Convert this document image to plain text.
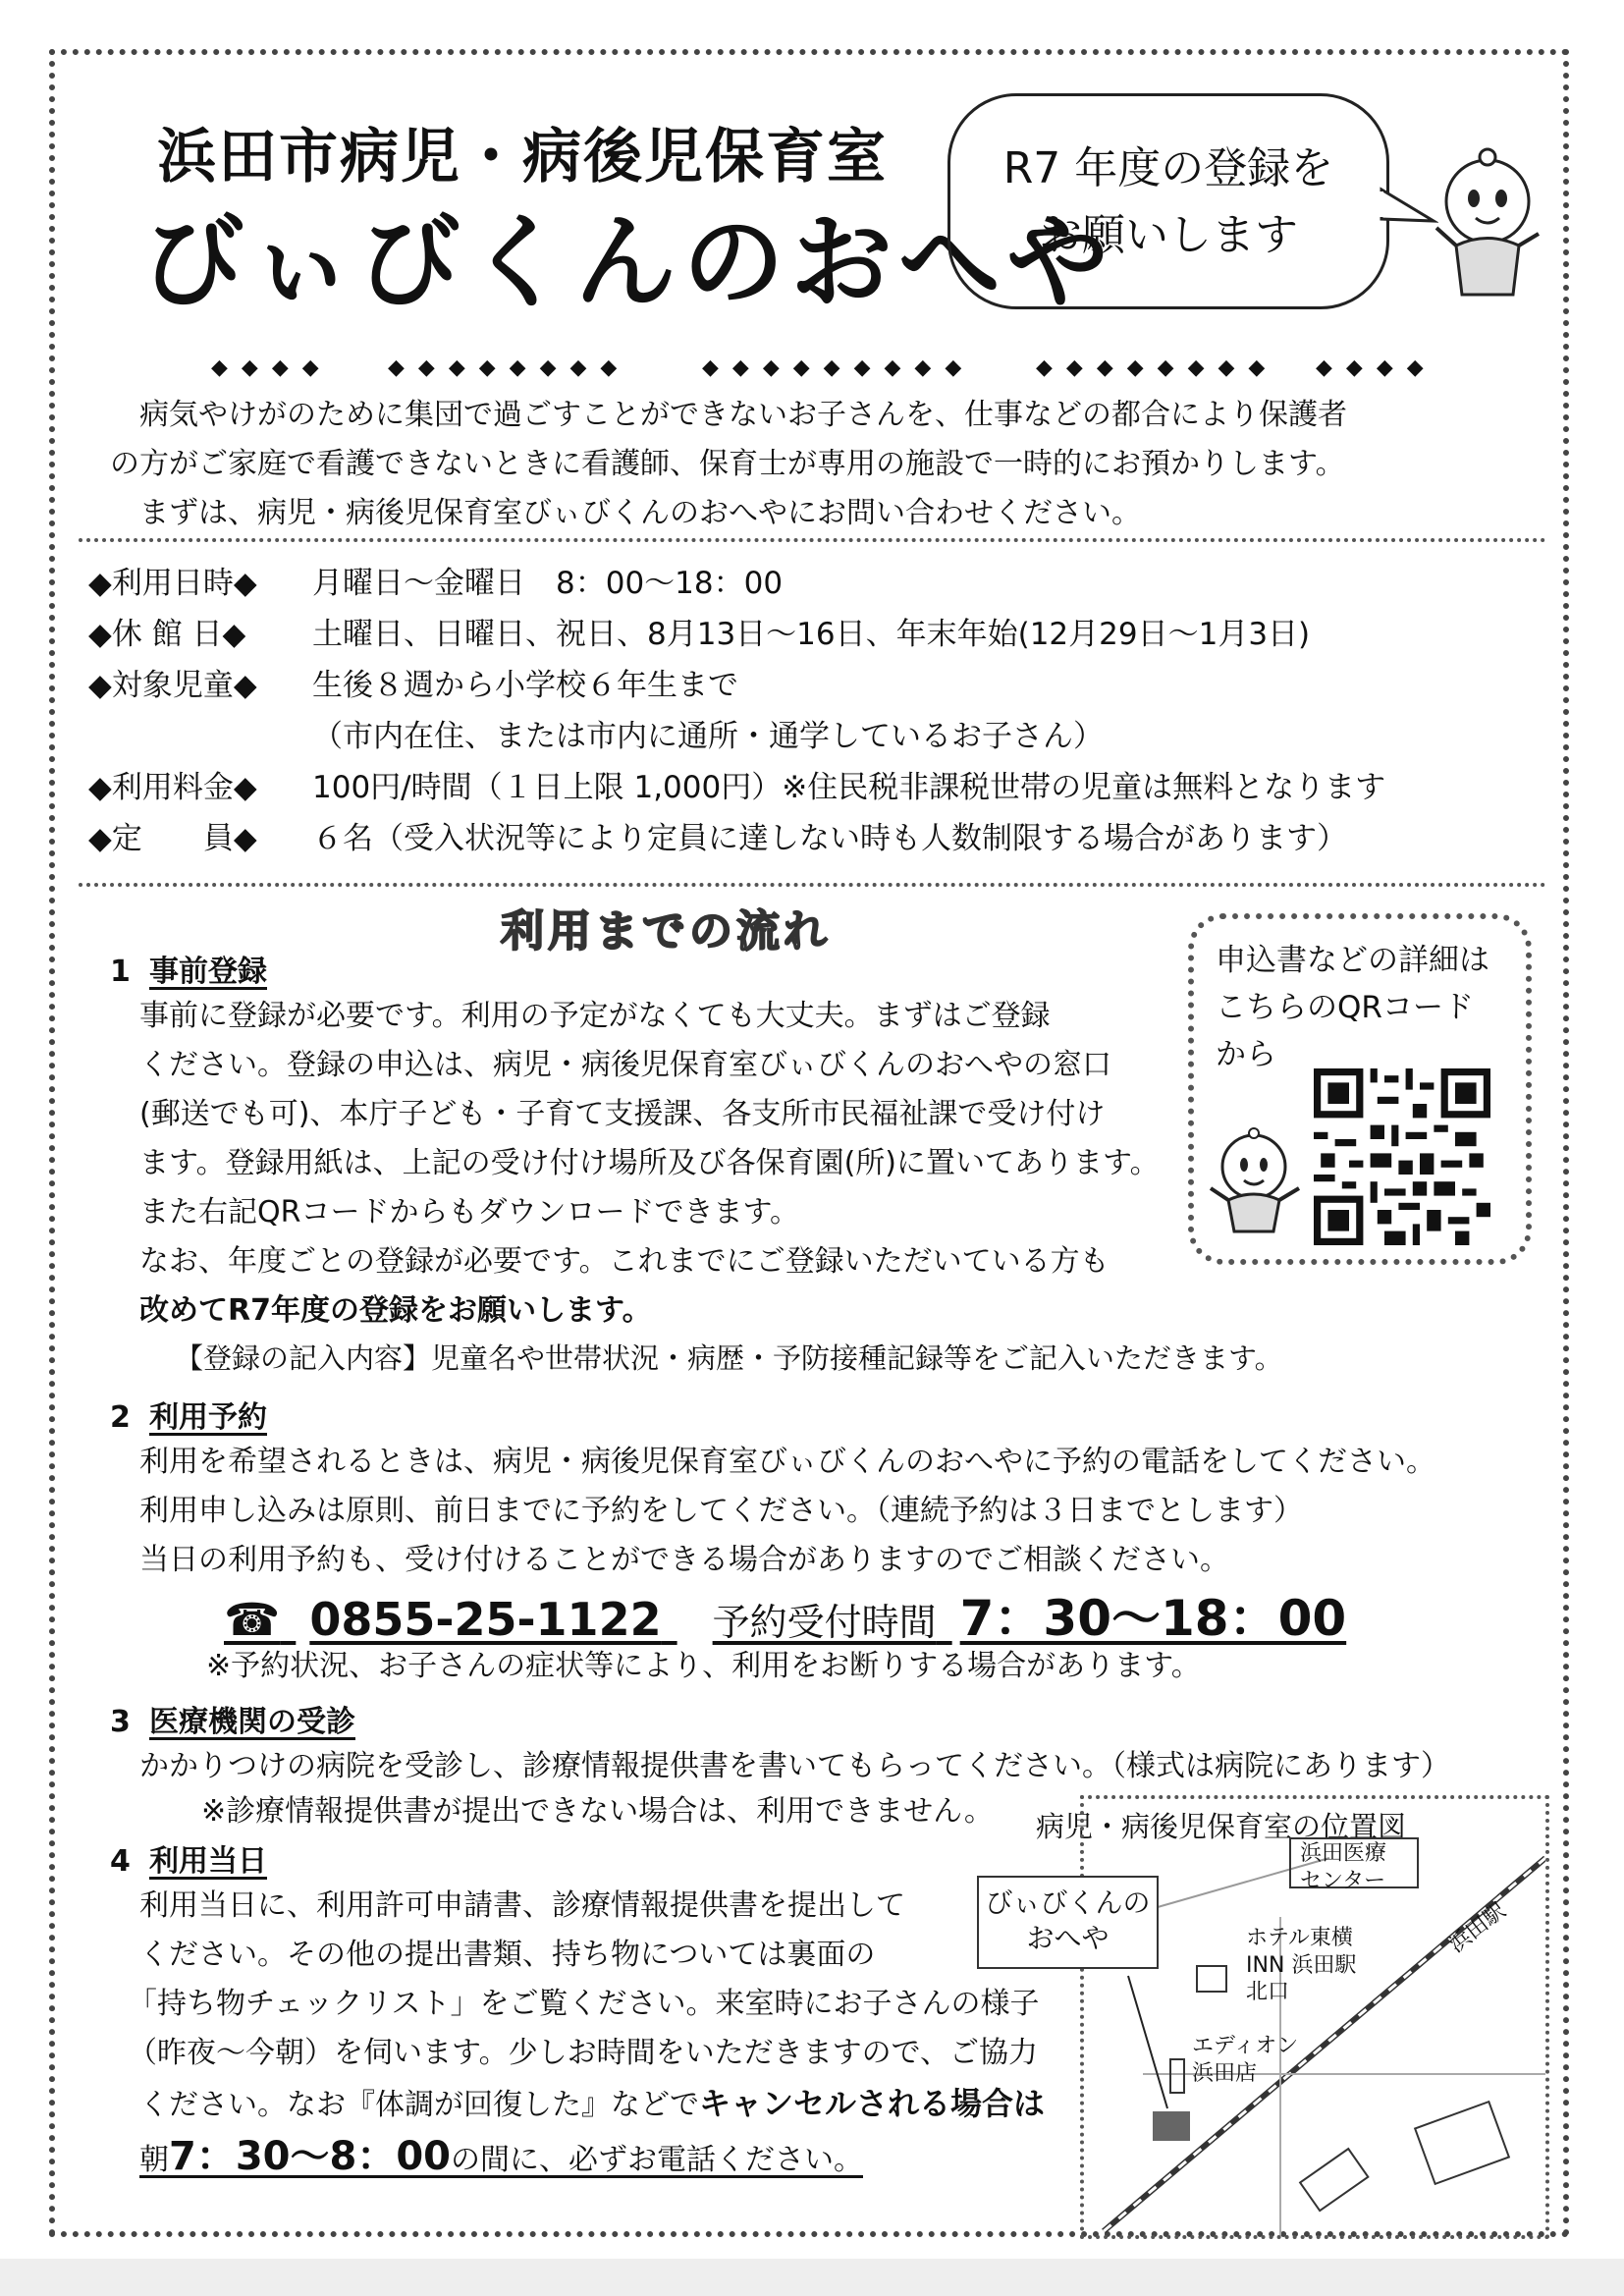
浜田市病児・病後児保育室
びぃびくんのおへや
R7 年度の登録を
お願いします
◆◆◆◆	◆◆◆◆◆◆◆◆	◆◆◆◆◆◆◆◆◆	◆◆◆◆◆◆◆◆ ◆◆◆◆
病気やけがのために集団で過ごすことができないお子さんを、仕事などの都合により保護者
の方がご家庭で看護できないときに看護師、保育士が専用の施設で一時的にお預かりします。
まずは、病児・病後児保育室びぃびくんのおへやにお問い合わせください。
◆利用日時◆ 月曜日～金曜日　8：00～18：00
◆休 館 日◆ 土曜日、日曜日、祝日、8月13日～16日、年末年始(12月29日～1月3日)
◆対象児童◆ 生後８週から小学校６年生まで
（市内在住、または市内に通所・通学しているお子さん）
◆利用料金◆ 100円/時間（１日上限 1,000円）※住民税非課税世帯の児童は無料となります
◆定　　員◆ ６名（受入状況等により定員に達しない時も人数制限する場合があります）
利用までの流れ
1 事前登録
事前に登録が必要です。利用の予定がなくても大丈夫。まずはご登録
ください。登録の申込は、病児・病後児保育室びぃびくんのおへやの窓口
(郵送でも可)、本庁子ども・子育て支援課、各支所市民福祉課で受け付け
ます。登録用紙は、上記の受け付け場所及び各保育園(所)に置いてあります。
また右記QRコードからもダウンロードできます。
なお、年度ごとの登録が必要です。これまでにご登録いただいている方も
改めてR7年度の登録をお願いします。
【登録の記入内容】児童名や世帯状況・病歴・予防接種記録等をご記入いただきます。
申込書などの詳細は
こちらのQRコード
から
2 利用予約
利用を希望されるときは、病児・病後児保育室びぃびくんのおへやに予約の電話をしてください。
利用申し込みは原則、前日までに予約をしてください。（連続予約は３日までとします）
当日の利用予約も、受け付けることができる場合がありますのでご相談ください。
☎ 0855-25-1122 予約受付時間 7：30～18：00
※予約状況、お子さんの症状等により、利用をお断りする場合があります。
3 医療機関の受診
かかりつけの病院を受診し、診療情報提供書を書いてもらってください。（様式は病院にあります）
※診療情報提供書が提出できない場合は、利用できません。
4 利用当日
利用当日に、利用許可申請書、診療情報提供書を提出して
ください。その他の提出書類、持ち物については裏面の
「持ち物チェックリスト」をご覧ください。来室時にお子さんの様子
（昨夜～今朝）を伺います。少しお時間をいただきますので、ご協力
ください。なお『体調が回復した』などでキャンセルされる場合は
朝7：30～8：00の間に、必ずお電話ください。
病児・病後児保育室の位置図
浜田医療
センター
ホテル東横
INN 浜田駅
北口
浜田駅
エディオン
浜田店
びぃびくんの
おへや
